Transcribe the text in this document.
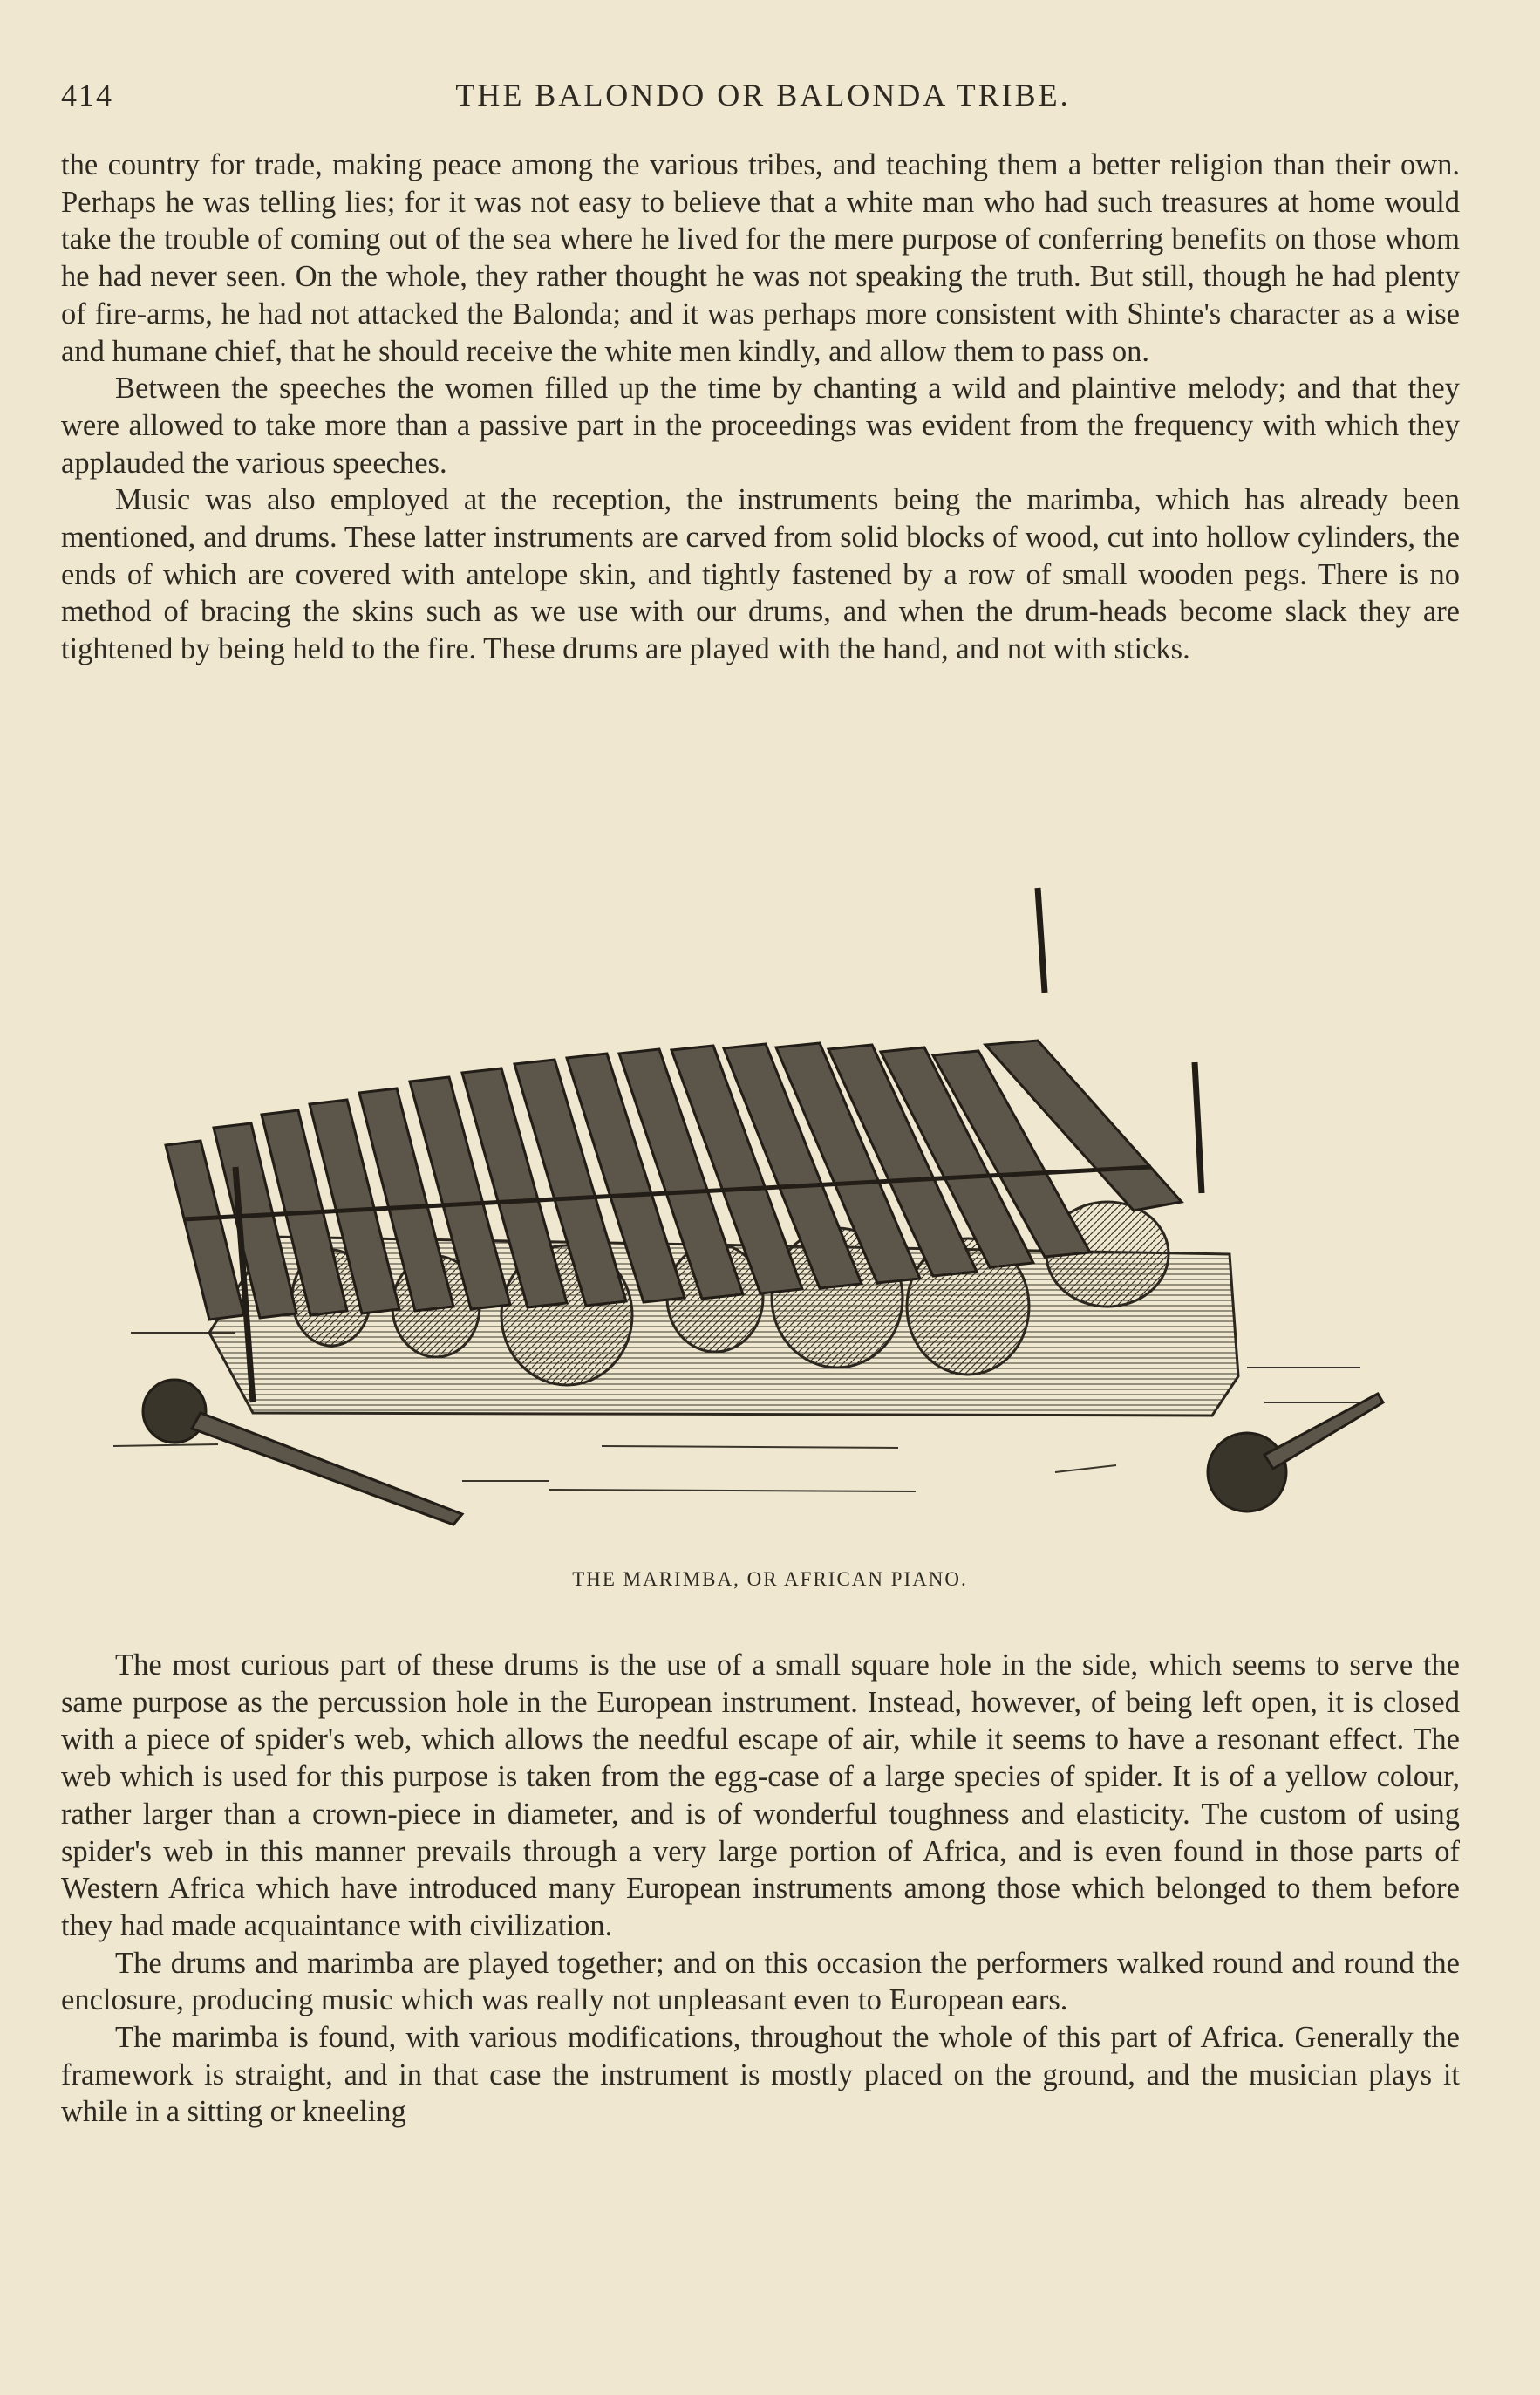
414	THE BALONDO OR BALONDA TRIBE.

the country for trade, making peace among the various tribes, and teaching them a better religion than their own. Perhaps he was telling lies; for it was not easy to believe that a white man who had such treasures at home would take the trouble of coming out of the sea where he lived for the mere purpose of conferring benefits on those whom he had never seen. On the whole, they rather thought he was not speaking the truth. But still, though he had plenty of fire-arms, he had not attacked the Balonda; and it was perhaps more consistent with Shinte's character as a wise and humane chief, that he should receive the white men kindly, and allow them to pass on.

Between the speeches the women filled up the time by chanting a wild and plaintive melody; and that they were allowed to take more than a passive part in the proceedings was evident from the frequency with which they applauded the various speeches.

Music was also employed at the reception, the instruments being the marimba, which has already been mentioned, and drums. These latter instruments are carved from solid blocks of wood, cut into hollow cylinders, the ends of which are covered with antelope skin, and tightly fastened by a row of small wooden pegs. There is no method of bracing the skins such as we use with our drums, and when the drum-heads become slack they are tightened by being held to the fire. These drums are played with the hand, and not with sticks.

THE MARIMBA, OR AFRICAN PIANO.

The most curious part of these drums is the use of a small square hole in the side, which seems to serve the same purpose as the percussion hole in the European instrument. Instead, however, of being left open, it is closed with a piece of spider's web, which allows the needful escape of air, while it seems to have a resonant effect. The web which is used for this purpose is taken from the egg-case of a large species of spider. It is of a yellow colour, rather larger than a crown-piece in diameter, and is of wonderful toughness and elasticity. The custom of using spider's web in this manner prevails through a very large portion of Africa, and is even found in those parts of Western Africa which have introduced many European instruments among those which belonged to them before they had made acquaintance with civilization.

The drums and marimba are played together; and on this occasion the performers walked round and round the enclosure, producing music which was really not unpleasant even to European ears.

The marimba is found, with various modifications, throughout the whole of this part of Africa. Generally the framework is straight, and in that case the instrument is mostly placed on the ground, and the musician plays it while in a sitting or kneeling
